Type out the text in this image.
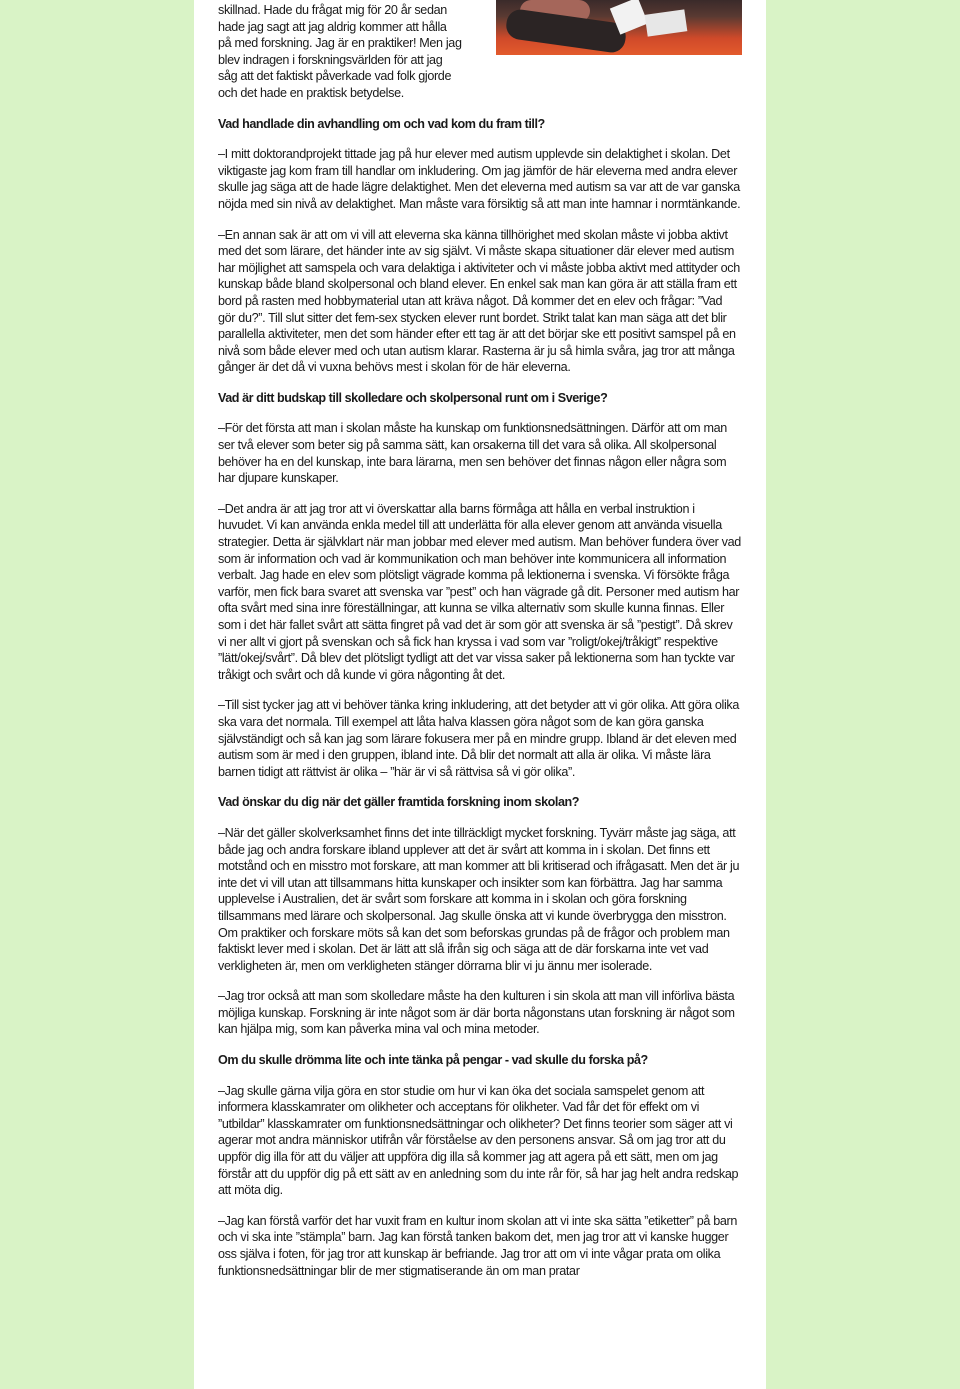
skillnad. Hade du frågat mig för 20 år sedan hade jag sagt att jag aldrig kommer att hålla på med forskning. Jag är en praktiker! Men jag blev indragen i forskningsvärlden för att jag såg att det faktiskt påverkade vad folk gjorde och det hade en praktisk betydelse.

Vad handlade din avhandling om och vad kom du fram till?

–I mitt doktorandprojekt tittade jag på hur elever med autism upplevde sin delaktighet i skolan. Det viktigaste jag kom fram till handlar om inkludering. Om jag jämför de här eleverna med andra elever skulle jag säga att de hade lägre delaktighet. Men det eleverna med autism sa var att de var ganska nöjda med sin nivå av delaktighet. Man måste vara försiktig så att man inte hamnar i normtänkande.

–En annan sak är att om vi vill att eleverna ska känna tillhörighet med skolan måste vi jobba aktivt med det som lärare, det händer inte av sig självt. Vi måste skapa situationer där elever med autism har möjlighet att samspela och vara delaktiga i aktiviteter och vi måste jobba aktivt med attityder och kunskap både bland skolpersonal och bland elever. En enkel sak man kan göra är att ställa fram ett bord på rasten med hobbymaterial utan att kräva något. Då kommer det en elev och frågar: ”Vad gör du?”. Till slut sitter det fem-sex stycken elever runt bordet. Strikt talat kan man säga att det blir parallella aktiviteter, men det som händer efter ett tag är att det börjar ske ett positivt samspel på en nivå som både elever med och utan autism klarar. Rasterna är ju så himla svåra, jag tror att många gånger är det då vi vuxna behövs mest i skolan för de här eleverna.

Vad är ditt budskap till skolledare och skolpersonal runt om i Sverige?

–För det första att man i skolan måste ha kunskap om funktionsnedsättningen. Därför att om man ser två elever som beter sig på samma sätt, kan orsakerna till det vara så olika. All skolpersonal behöver ha en del kunskap, inte bara lärarna, men sen behöver det finnas någon eller några som har djupare kunskaper.

–Det andra är att jag tror att vi överskattar alla barns förmåga att hålla en verbal instruktion i huvudet. Vi kan använda enkla medel till att underlätta för alla elever genom att använda visuella strategier. Detta är självklart när man jobbar med elever med autism. Man behöver fundera över vad som är information och vad är kommunikation och man behöver inte kommunicera all information verbalt. Jag hade en elev som plötsligt vägrade komma på lektionerna i svenska. Vi försökte fråga varför, men fick bara svaret att svenska var ”pest” och han vägrade gå dit. Personer med autism har ofta svårt med sina inre föreställningar, att kunna se vilka alternativ som skulle kunna finnas. Eller som i det här fallet svårt att sätta fingret på vad det är som gör att svenska är så ”pestigt”. Då skrev vi ner allt vi gjort på svenskan och så fick han kryssa i vad som var ”roligt/okej/tråkigt” respektive ”lätt/okej/svårt”. Då blev det plötsligt tydligt att det var vissa saker på lektionerna som han tyckte var tråkigt och svårt och då kunde vi göra någonting åt det.

–Till sist tycker jag att vi behöver tänka kring inkludering, att det betyder att vi gör olika. Att göra olika ska vara det normala. Till exempel att låta halva klassen göra något som de kan göra ganska självständigt och så kan jag som lärare fokusera mer på en mindre grupp. Ibland är det eleven med autism som är med i den gruppen, ibland inte. Då blir det normalt att alla är olika. Vi måste lära barnen tidigt att rättvist är olika – ”här är vi så rättvisa så vi gör olika”.

Vad önskar du dig när det gäller framtida forskning inom skolan?

–När det gäller skolverksamhet finns det inte tillräckligt mycket forskning. Tyvärr måste jag säga, att både jag och andra forskare ibland upplever att det är svårt att komma in i skolan. Det finns ett motstånd och en misstro mot forskare, att man kommer att bli kritiserad och ifrågasatt. Men det är ju inte det vi vill utan att tillsammans hitta kunskaper och insikter som kan förbättra. Jag har samma upplevelse i Australien, det är svårt som forskare att komma in i skolan och göra forskning tillsammans med lärare och skolpersonal. Jag skulle önska att vi kunde överbrygga den misstron. Om praktiker och forskare möts så kan det som beforskas grundas på de frågor och problem man faktiskt lever med i skolan. Det är lätt att slå ifrån sig och säga att de där forskarna inte vet vad verkligheten är, men om verkligheten stänger dörrarna blir vi ju ännu mer isolerade.

–Jag tror också att man som skolledare måste ha den kulturen i sin skola att man vill införliva bästa möjliga kunskap. Forskning är inte något som är där borta någonstans utan forskning är något som kan hjälpa mig, som kan påverka mina val och mina metoder.

Om du skulle drömma lite och inte tänka på pengar - vad skulle du forska på?

–Jag skulle gärna vilja göra en stor studie om hur vi kan öka det sociala samspelet genom att informera klasskamrater om olikheter och acceptans för olikheter. Vad får det för effekt om vi ”utbildar” klasskamrater om funktionsnedsättningar och olikheter? Det finns teorier som säger att vi agerar mot andra människor utifrån vår förståelse av den personens ansvar. Så om jag tror att du uppför dig illa för att du väljer att uppföra dig illa så kommer jag att agera på ett sätt, men om jag förstår att du uppför dig på ett sätt av en anledning som du inte rår för, så har jag helt andra redskap att möta dig.

–Jag kan förstå varför det har vuxit fram en kultur inom skolan att vi inte ska sätta ”etiketter” på barn och vi ska inte ”stämpla” barn. Jag kan förstå tanken bakom det, men jag tror att vi kanske hugger oss själva i foten, för jag tror att kunskap är befriande. Jag tror att om vi inte vågar prata om olika funktionsnedsättningar blir de mer stigmatiserande än om man pratar
